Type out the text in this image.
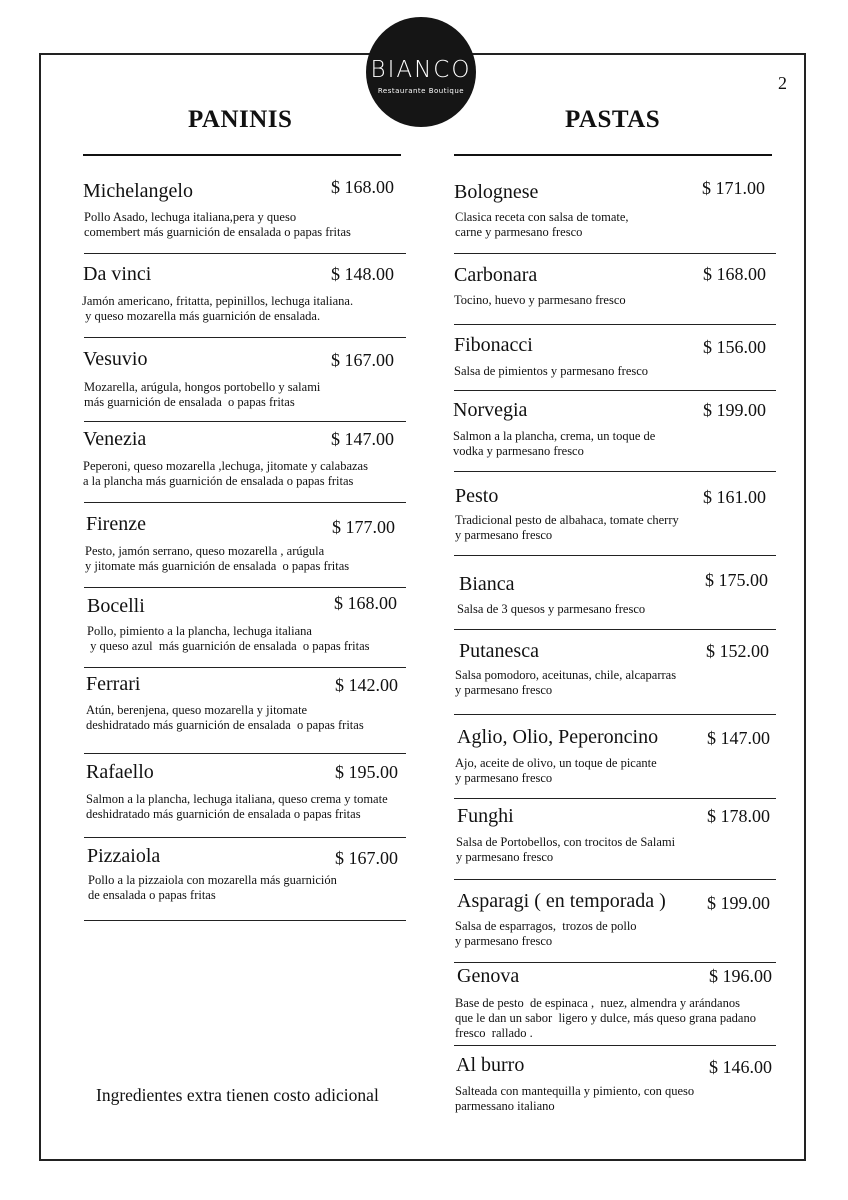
BIANCO
Restaurante Boutique	2
PANINIS	PASTAS
Michelangelo	$ 168.00
Pollo Asado, lechuga italiana,pera y queso
comembert más guarnición de ensalada o papas fritas
Da vinci	$ 148.00
Jamón americano, fritatta, pepinillos, lechuga italiana.
y queso mozarella más guarnición de ensalada.
Vesuvio	$ 167.00
Mozarella, arúgula, hongos portobello y salami
más guarnición de ensalada  o papas fritas
Venezia	$ 147.00
Peperoni, queso mozarella ,lechuga, jitomate y calabazas
a la plancha más guarnición de ensalada o papas fritas
Firenze	$ 177.00
Pesto, jamón serrano, queso mozarella , arúgula
y jitomate más guarnición de ensalada  o papas fritas
Bocelli	$ 168.00
Pollo, pimiento a la plancha, lechuga italiana
y queso azul  más guarnición de ensalada  o papas fritas
Ferrari	$ 142.00
Atún, berenjena, queso mozarella y jitomate
deshidratado más guarnición de ensalada  o papas fritas
Rafaello	$ 195.00
Salmon a la plancha, lechuga italiana, queso crema y tomate
deshidratado más guarnición de ensalada o papas fritas
Pizzaiola	$ 167.00
Pollo a la pizzaiola con mozarella más guarnición
de ensalada o papas fritas
Bolognese	$ 171.00
Clasica receta con salsa de tomate,
carne y parmesano fresco
Carbonara	$ 168.00
Tocino, huevo y parmesano fresco
Fibonacci	$ 156.00
Salsa de pimientos y parmesano fresco
Norvegia	$ 199.00
Salmon a la plancha, crema, un toque de
vodka y parmesano fresco
Pesto	$ 161.00
Tradicional pesto de albahaca, tomate cherry
y parmesano fresco
Bianca	$ 175.00
Salsa de 3 quesos y parmesano fresco
Putanesca	$ 152.00
Salsa pomodoro, aceitunas, chile, alcaparras
y parmesano fresco
Aglio, Olio, Peperoncino	$ 147.00
Ajo, aceite de olivo, un toque de picante
y parmesano fresco
Funghi	$ 178.00
Salsa de Portobellos, con trocitos de Salami
y parmesano fresco
Asparagi ( en temporada ) $ 199.00
Salsa de esparragos,  trozos de pollo
y parmesano fresco
Genova	$ 196.00
Base de pesto  de espinaca ,  nuez, almendra y arándanos
que le dan un sabor  ligero y dulce, más queso grana padano
fresco  rallado .
Al burro	$ 146.00
Salteada con mantequilla y pimiento, con queso
parmessano italiano
Ingredientes extra tienen costo adicional
